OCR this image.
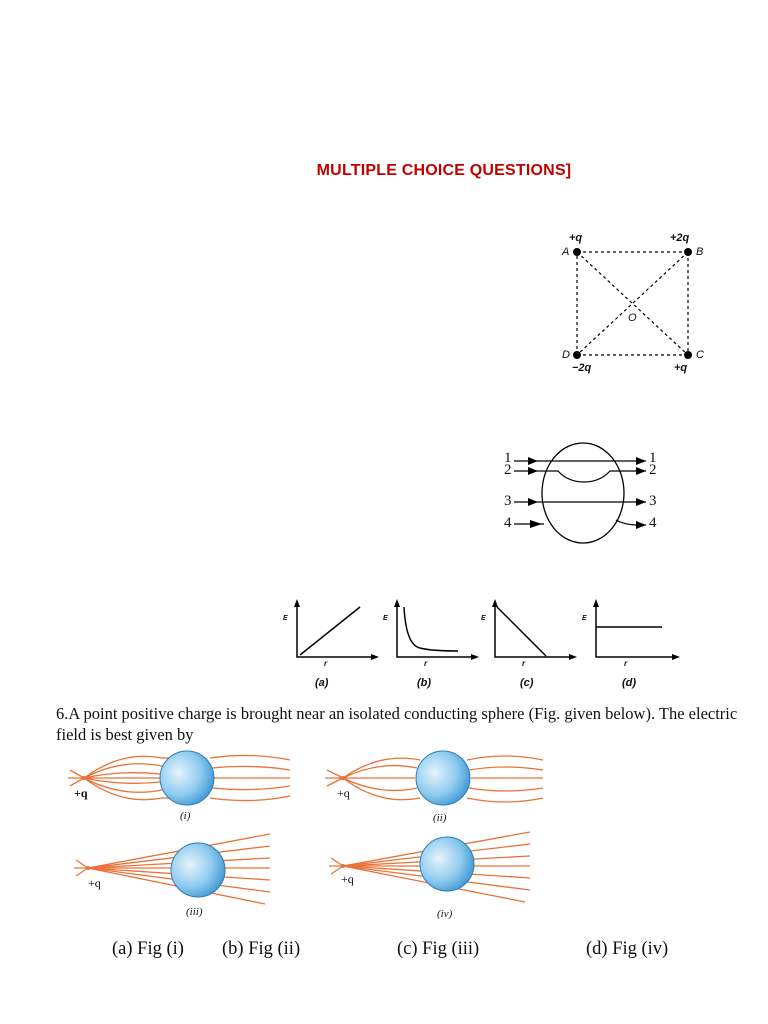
MULTIPLE CHOICE QUESTIONS]
+q	+2q
+q
−2q
A	B
C
D
O
1
2
3
4
1
2
3
4
E	E	E	E
r	r	r	r
(a)	(b)	(c)	(d)
6.A point positive charge is brought near an isolated conducting sphere (Fig. given below). The electric field is best given by
+q
(i)
+q
(ii)
+q
(iii)
+q
(iv)
(a) Fig (i) (b) Fig (ii)	(c) Fig (iii)	(d) Fig (iv)
